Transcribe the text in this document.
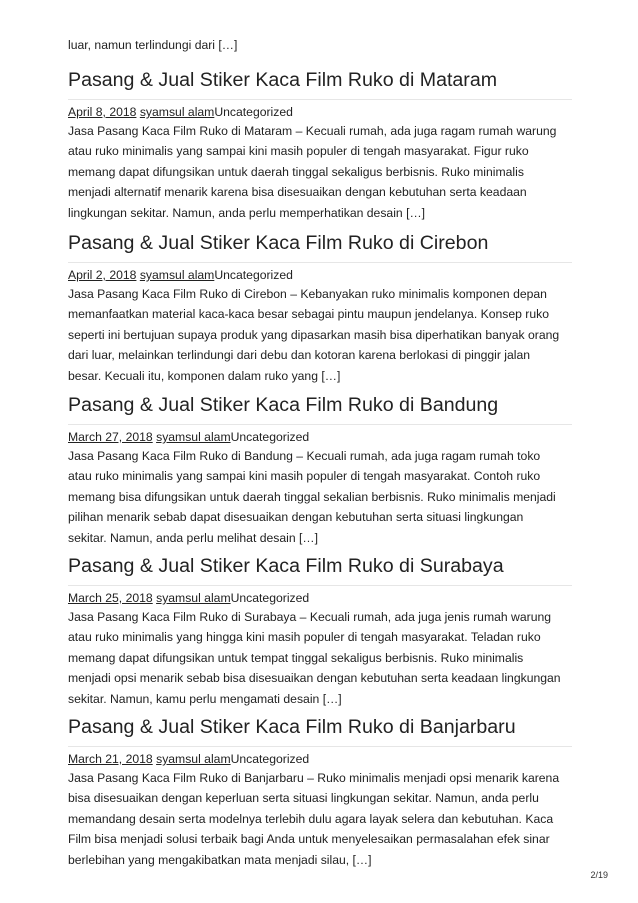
luar, namun terlindungi dari […]

Pasang & Jual Stiker Kaca Film Ruko di Mataram
April 8, 2018 syamsul alamUncategorized

Jasa Pasang Kaca Film Ruko di Mataram – Kecuali rumah, ada juga ragam rumah warung
atau ruko minimalis yang sampai kini masih populer di tengah masyarakat. Figur ruko
memang dapat difungsikan untuk daerah tinggal sekaligus berbisnis. Ruko minimalis
menjadi alternatif menarik karena bisa disesuaikan dengan kebutuhan serta keadaan
lingkungan sekitar. Namun, anda perlu memperhatikan desain […]

Pasang & Jual Stiker Kaca Film Ruko di Cirebon
April 2, 2018 syamsul alamUncategorized

Jasa Pasang Kaca Film Ruko di Cirebon – Kebanyakan ruko minimalis komponen depan
memanfaatkan material kaca-kaca besar sebagai pintu maupun jendelanya. Konsep ruko
seperti ini bertujuan supaya produk yang dipasarkan masih bisa diperhatikan banyak orang
dari luar, melainkan terlindungi dari debu dan kotoran karena berlokasi di pinggir jalan
besar. Kecuali itu, komponen dalam ruko yang […]

Pasang & Jual Stiker Kaca Film Ruko di Bandung
March 27, 2018 syamsul alamUncategorized

Jasa Pasang Kaca Film Ruko di Bandung – Kecuali rumah, ada juga ragam rumah toko
atau ruko minimalis yang sampai kini masih populer di tengah masyarakat. Contoh ruko
memang bisa difungsikan untuk daerah tinggal sekalian berbisnis. Ruko minimalis menjadi
pilihan menarik sebab dapat disesuaikan dengan kebutuhan serta situasi lingkungan
sekitar. Namun, anda perlu melihat desain […]

Pasang & Jual Stiker Kaca Film Ruko di Surabaya
March 25, 2018 syamsul alamUncategorized

Jasa Pasang Kaca Film Ruko di Surabaya – Kecuali rumah, ada juga jenis rumah warung
atau ruko minimalis yang hingga kini masih populer di tengah masyarakat. Teladan ruko
memang dapat difungsikan untuk tempat tinggal sekaligus berbisnis. Ruko minimalis
menjadi opsi menarik sebab bisa disesuaikan dengan kebutuhan serta keadaan lingkungan
sekitar. Namun, kamu perlu mengamati desain […]

Pasang & Jual Stiker Kaca Film Ruko di Banjarbaru
March 21, 2018 syamsul alamUncategorized

Jasa Pasang Kaca Film Ruko di Banjarbaru – Ruko minimalis menjadi opsi menarik karena
bisa disesuaikan dengan keperluan serta situasi lingkungan sekitar. Namun, anda perlu
memandang desain serta modelnya terlebih dulu agara layak selera dan kebutuhan. Kaca
Film bisa menjadi solusi terbaik bagi Anda untuk menyelesaikan permasalahan efek sinar
berlebihan yang mengakibatkan mata menjadi silau, […]

2/19
